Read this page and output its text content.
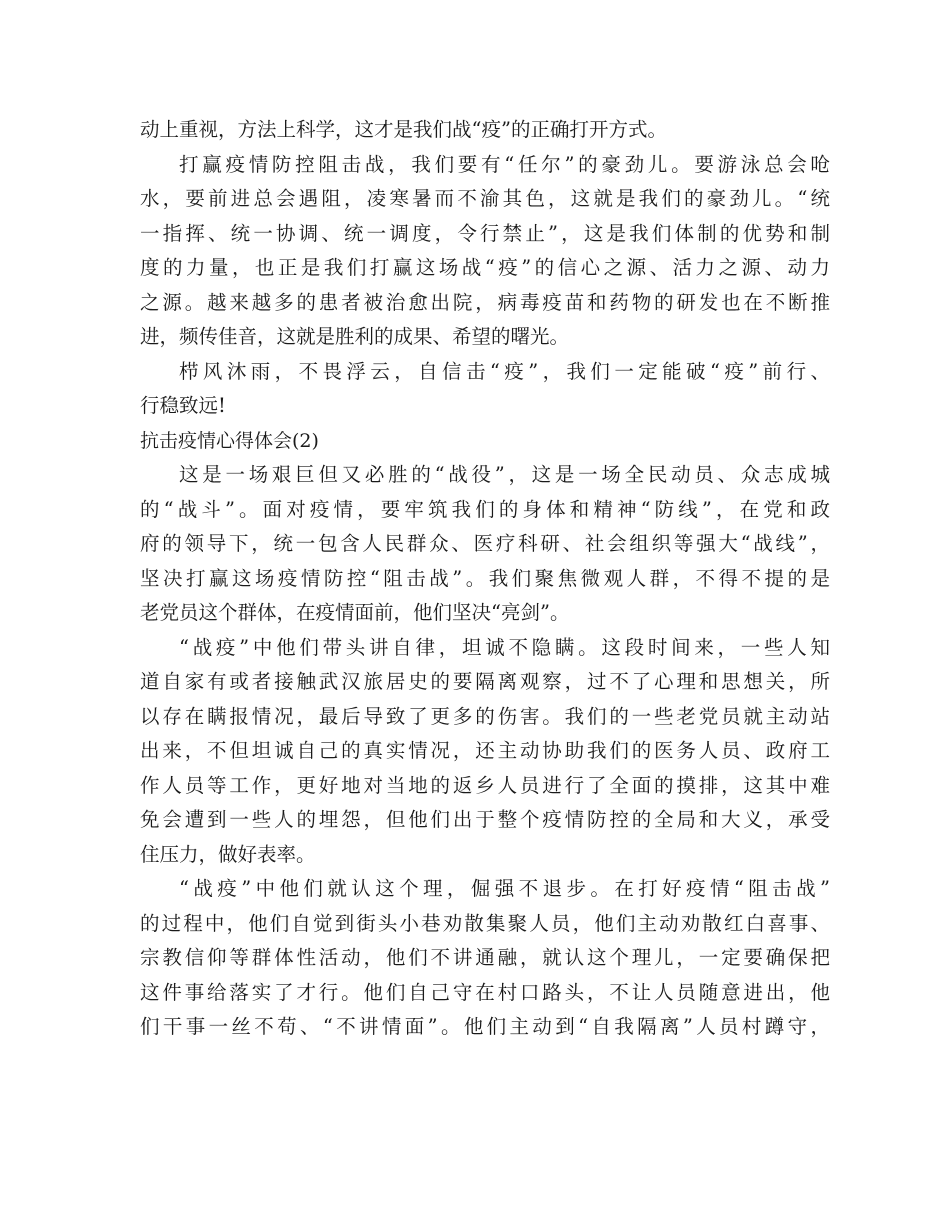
动上重视，方法上科学，这才是我们战“疫”的正确打开方式。
打赢疫情防控阻击战，我们要有“任尔”的豪劲儿。要游泳总会呛
水，要前进总会遇阻，凌寒暑而不渝其色，这就是我们的豪劲儿。“统
一指挥、统一协调、统一调度，令行禁止”，这是我们体制的优势和制
度的力量，也正是我们打赢这场战“疫”的信心之源、活力之源、动力
之源。越来越多的患者被治愈出院，病毒疫苗和药物的研发也在不断推
进，频传佳音，这就是胜利的成果、希望的曙光。
栉风沐雨，不畏浮云，自信击“疫”，我们一定能破“疫”前行、
行稳致远!
抗击疫情心得体会(2)
这是一场艰巨但又必胜的“战役”，这是一场全民动员、众志成城
的“战斗”。面对疫情，要牢筑我们的身体和精神“防线”，在党和政
府的领导下，统一包含人民群众、医疗科研、社会组织等强大“战线”，
坚决打赢这场疫情防控“阻击战”。我们聚焦微观人群，不得不提的是
老党员这个群体，在疫情面前，他们坚决“亮剑”。
“战疫”中他们带头讲自律，坦诚不隐瞒。这段时间来，一些人知
道自家有或者接触武汉旅居史的要隔离观察，过不了心理和思想关，所
以存在瞒报情况，最后导致了更多的伤害。我们的一些老党员就主动站
出来，不但坦诚自己的真实情况，还主动协助我们的医务人员、政府工
作人员等工作，更好地对当地的返乡人员进行了全面的摸排，这其中难
免会遭到一些人的埋怨，但他们出于整个疫情防控的全局和大义，承受
住压力，做好表率。
“战疫”中他们就认这个理，倔强不退步。在打好疫情“阻击战”
的过程中，他们自觉到街头小巷劝散集聚人员，他们主动劝散红白喜事、
宗教信仰等群体性活动，他们不讲通融，就认这个理儿，一定要确保把
这件事给落实了才行。他们自己守在村口路头，不让人员随意进出，他
们干事一丝不苟、“不讲情面”。他们主动到“自我隔离”人员村蹲守，
